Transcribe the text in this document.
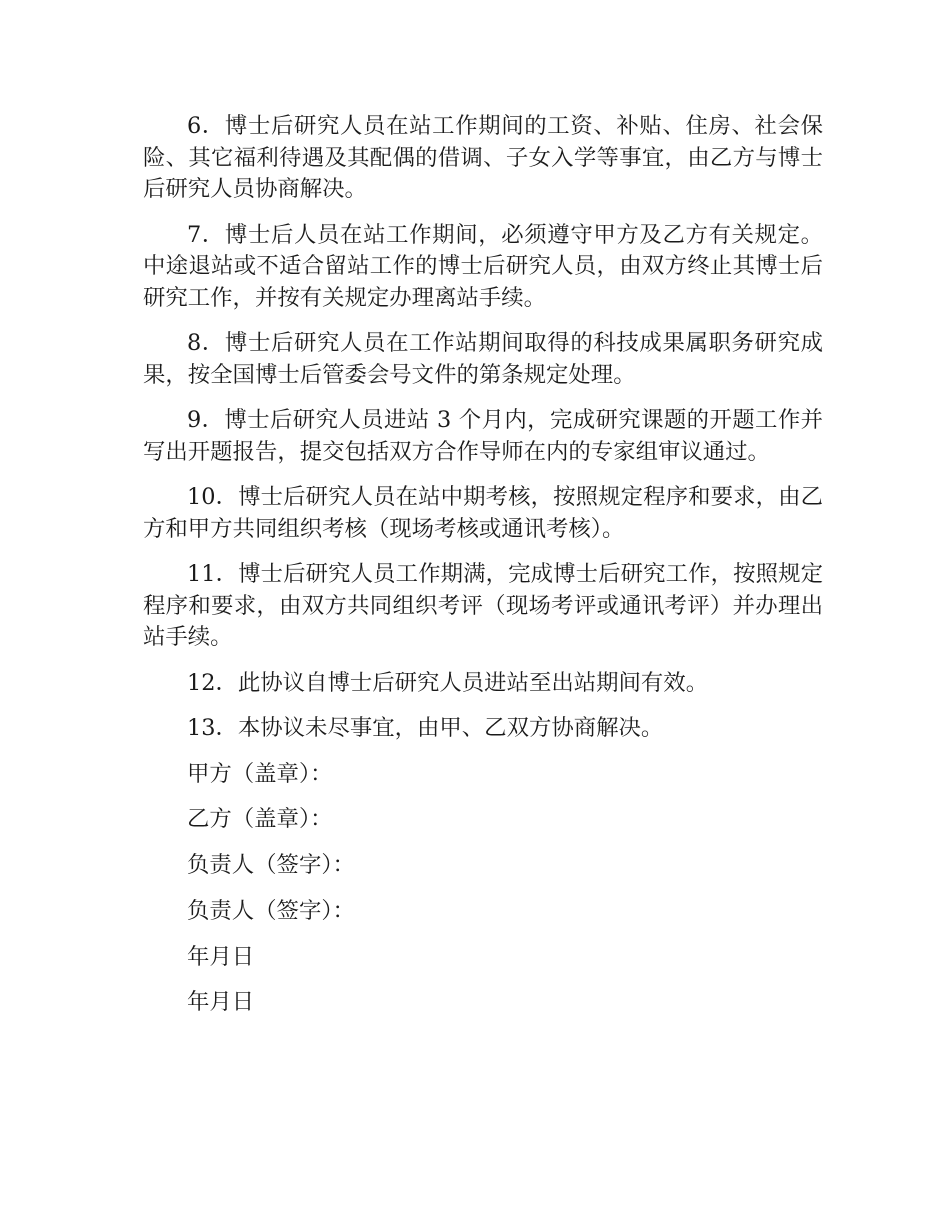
6．博士后研究人员在站工作期间的工资、补贴、住房、社会保险、其它福利待遇及其配偶的借调、子女入学等事宜，由乙方与博士后研究人员协商解决。

7．博士后人员在站工作期间，必须遵守甲方及乙方有关规定。中途退站或不适合留站工作的博士后研究人员，由双方终止其博士后研究工作，并按有关规定办理离站手续。

8．博士后研究人员在工作站期间取得的科技成果属职务研究成果，按全国博士后管委会号文件的第条规定处理。

9．博士后研究人员进站 3 个月内，完成研究课题的开题工作并写出开题报告，提交包括双方合作导师在内的专家组审议通过。

10．博士后研究人员在站中期考核，按照规定程序和要求，由乙方和甲方共同组织考核（现场考核或通讯考核）。

11．博士后研究人员工作期满，完成博士后研究工作，按照规定程序和要求，由双方共同组织考评（现场考评或通讯考评）并办理出站手续。

12．此协议自博士后研究人员进站至出站期间有效。

13．本协议未尽事宜，由甲、乙双方协商解决。

甲方（盖章）：

乙方（盖章）：

负责人（签字）：

负责人（签字）：

年月日

年月日
